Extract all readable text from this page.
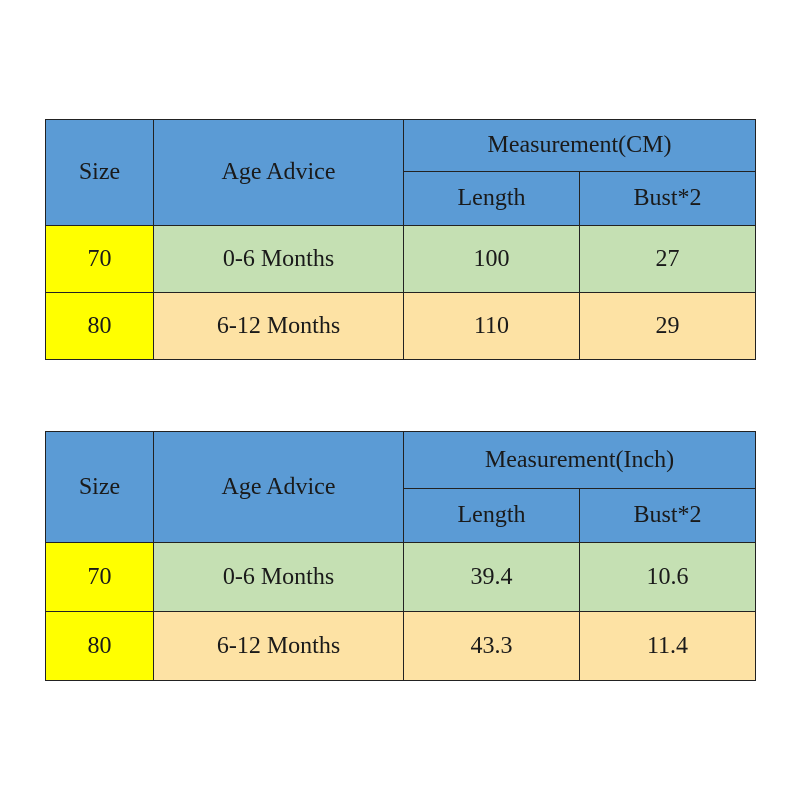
Size	Age Advice	Measurement(CM)	
		Length	Bust*2
70	0-6 Months	100	27
80	6-12 Months	110	29
Size	Age Advice	Measurement(Inch)	
		Length	Bust*2
70	0-6 Months	39.4	10.6
80	6-12 Months	43.3	11.4
